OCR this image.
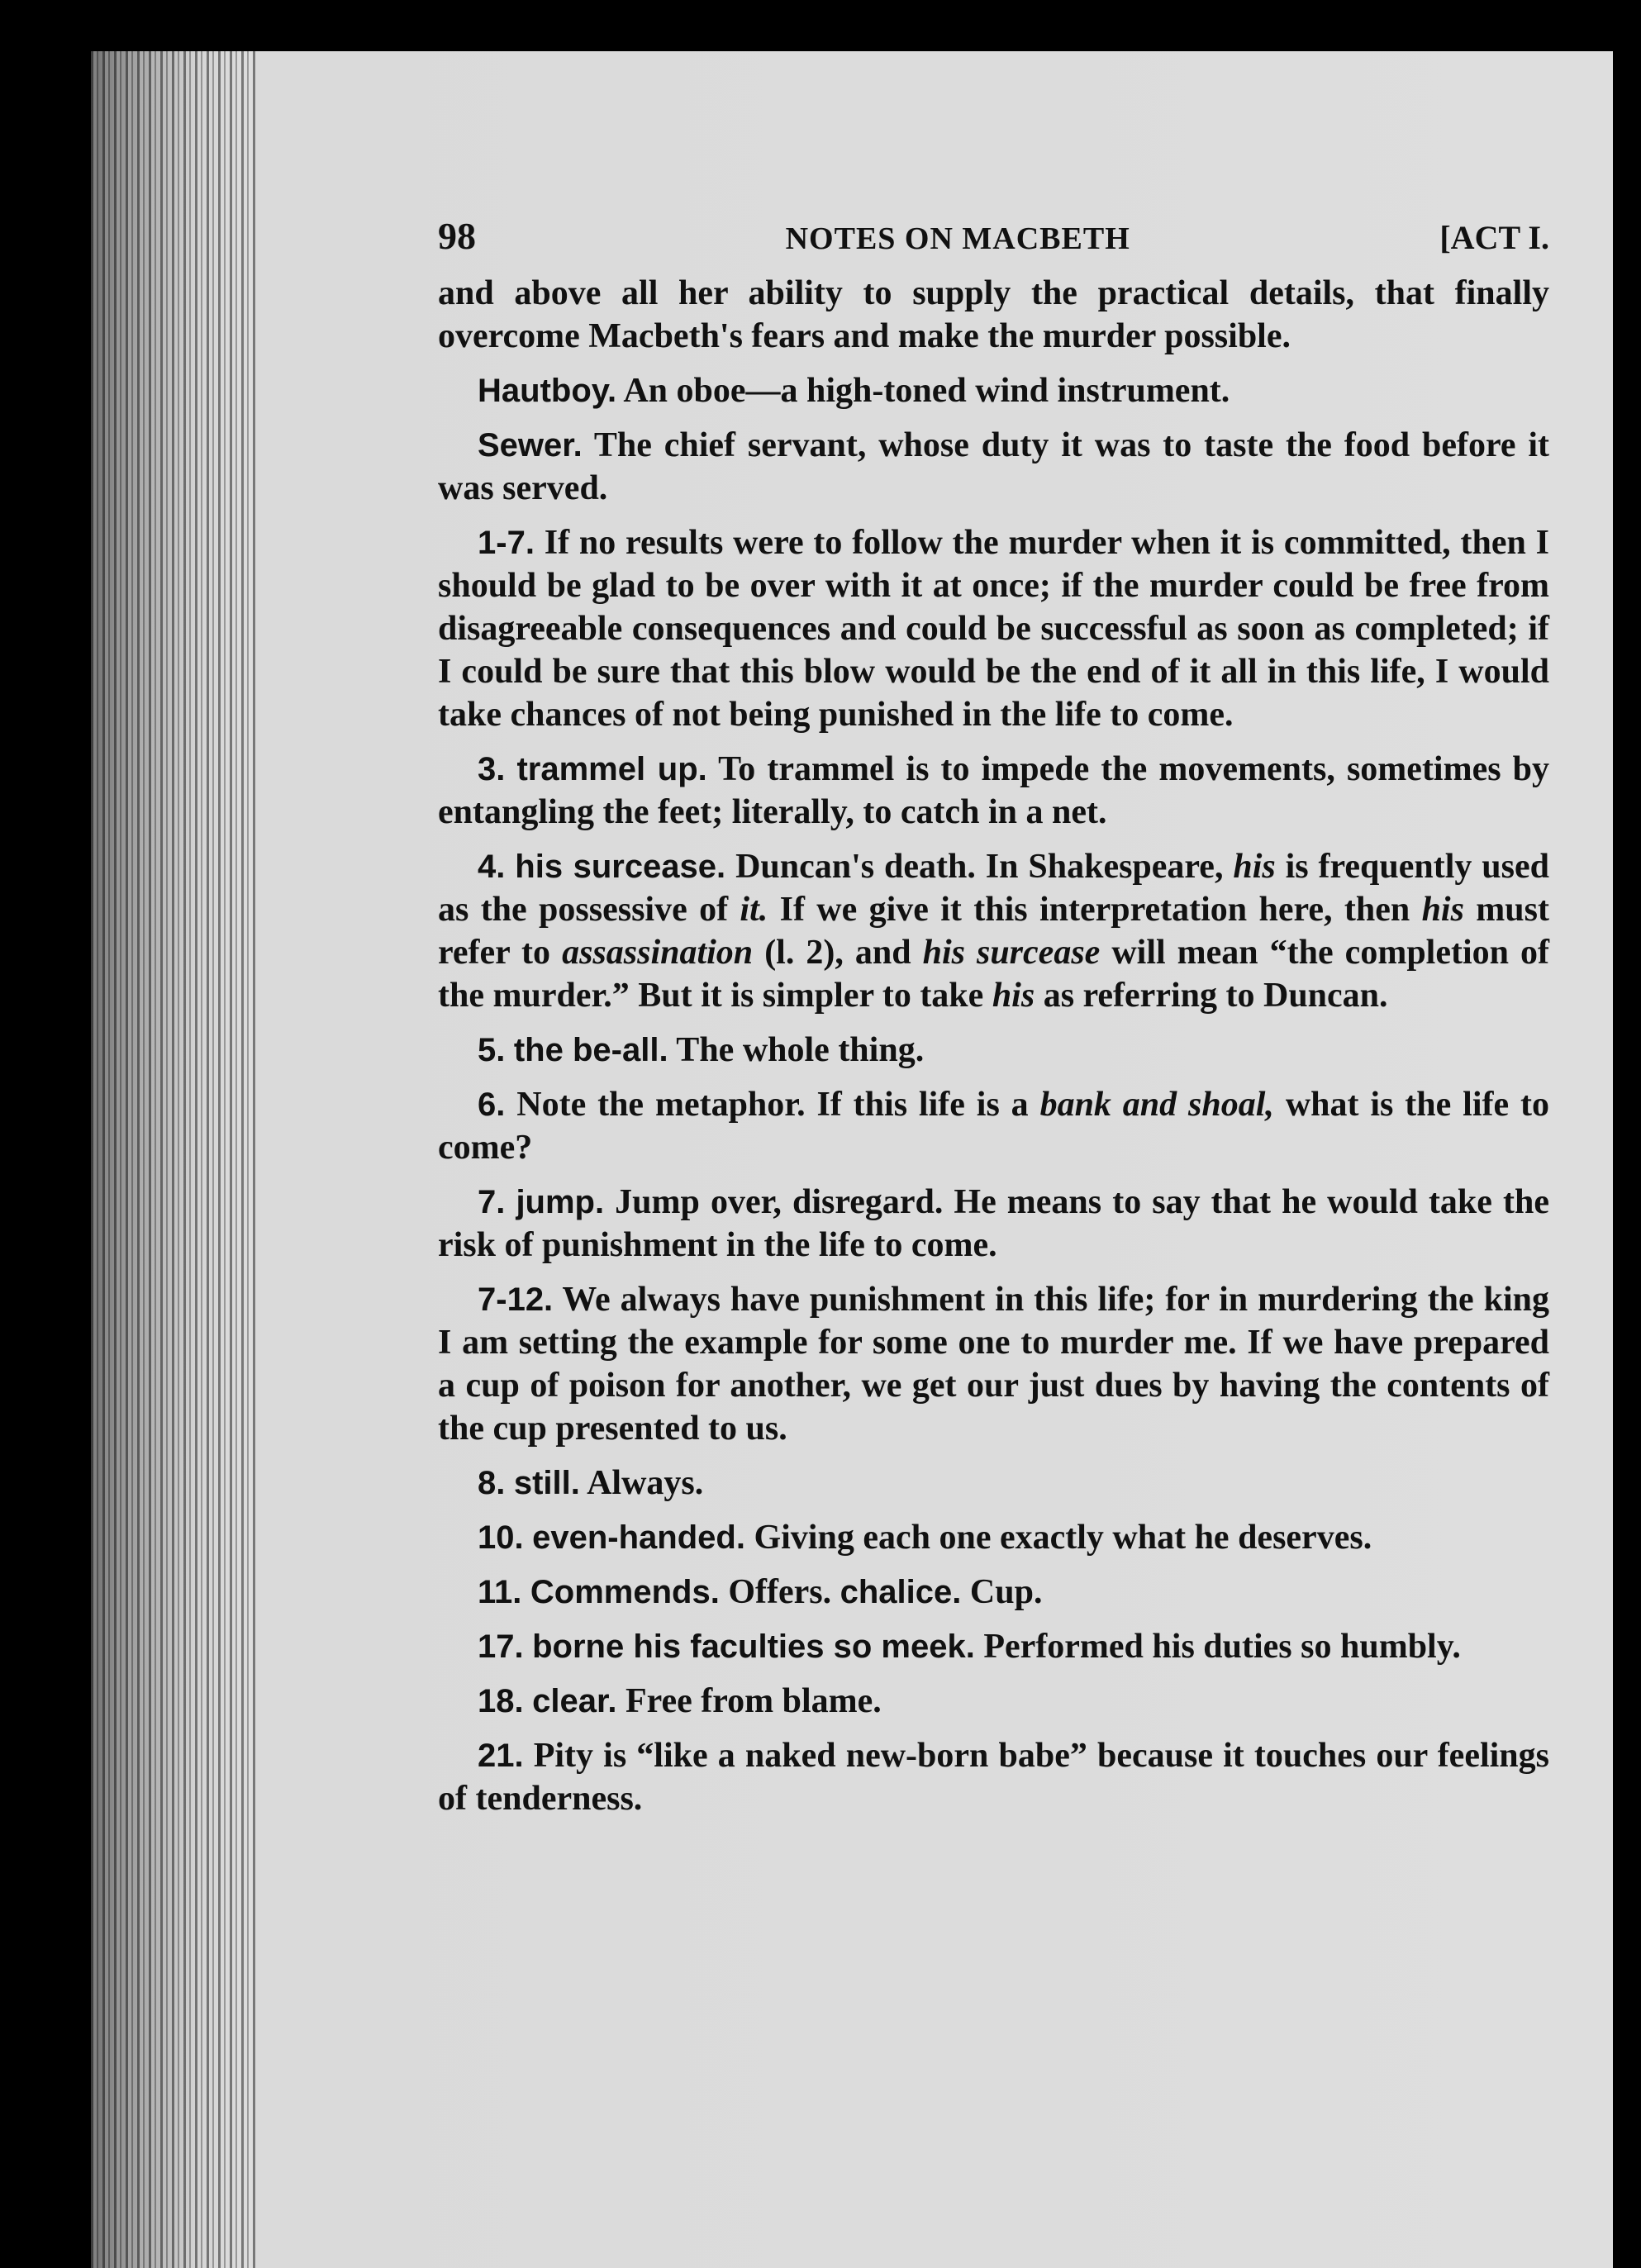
98	NOTES ON MACBETH	[ACT I.

and above all her ability to supply the practical details, that finally overcome Macbeth's fears and make the murder possible.

Hautboy. An oboe—a high-toned wind instrument.

Sewer. The chief servant, whose duty it was to taste the food before it was served.

1-7. If no results were to follow the murder when it is committed, then I should be glad to be over with it at once; if the murder could be free from disagreeable consequences and could be successful as soon as completed; if I could be sure that this blow would be the end of it all in this life, I would take chances of not being punished in the life to come.

3. trammel up. To trammel is to impede the movements, sometimes by entangling the feet; literally, to catch in a net.

4. his surcease. Duncan's death. In Shakespeare, his is frequently used as the possessive of it. If we give it this interpretation here, then his must refer to assassination (l. 2), and his surcease will mean “the completion of the murder.” But it is simpler to take his as referring to Duncan.

5. the be-all. The whole thing.

6. Note the metaphor. If this life is a bank and shoal, what is the life to come?

7. jump. Jump over, disregard. He means to say that he would take the risk of punishment in the life to come.

7-12. We always have punishment in this life; for in murdering the king I am setting the example for some one to murder me. If we have prepared a cup of poison for another, we get our just dues by having the contents of the cup presented to us.

8. still. Always.

10. even-handed. Giving each one exactly what he deserves.

11. Commends. Offers. chalice. Cup.

17. borne his faculties so meek. Performed his duties so humbly.

18. clear. Free from blame.

21. Pity is “like a naked new-born babe” because it touches our feelings of tenderness.
